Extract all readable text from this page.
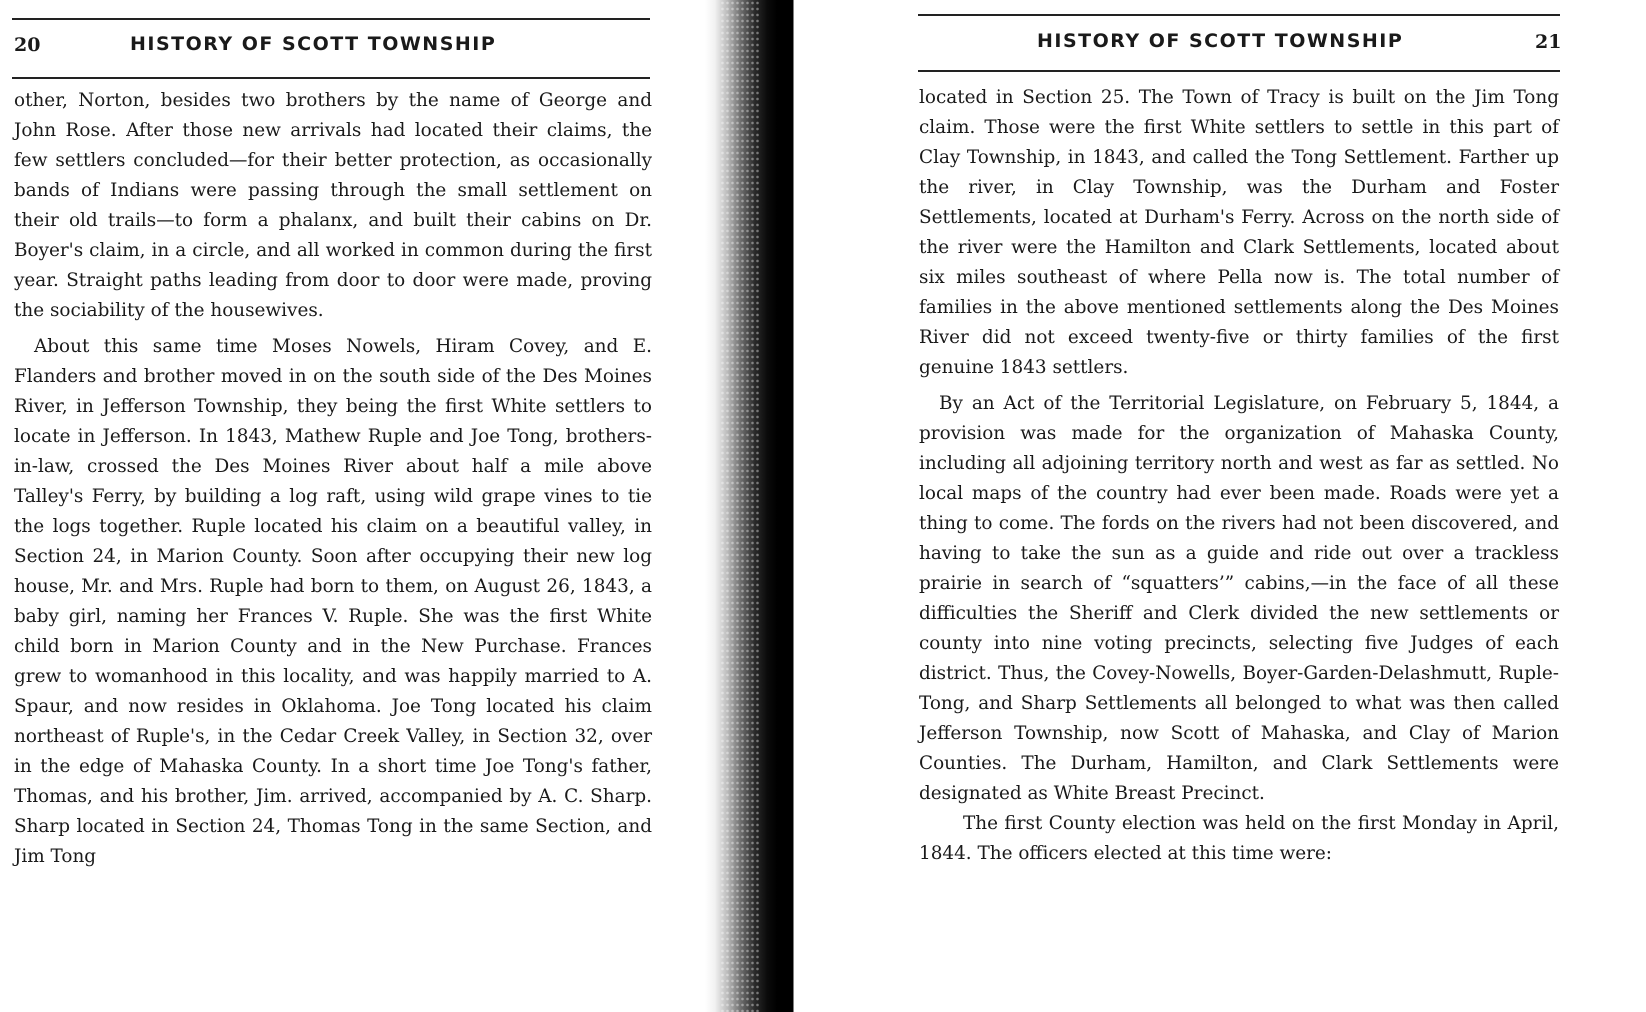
20	HISTORY OF SCOTT TOWNSHIP

other, Norton, besides two brothers by the name of George and John Rose. After those new arrivals had located their claims, the few settlers concluded—for their better protection, as occasionally bands of Indians were passing through the small settlement on their old trails—to form a phalanx, and built their cabins on Dr. Boyer's claim, in a circle, and all worked in common during the first year. Straight paths leading from door to door were made, proving the sociability of the housewives.

About this same time Moses Nowels, Hiram Covey, and E. Flanders and brother moved in on the south side of the Des Moines River, in Jefferson Township, they being the first White settlers to locate in Jefferson. In 1843, Mathew Ruple and Joe Tong, brothers-in-law, crossed the Des Moines River about half a mile above Talley's Ferry, by building a log raft, using wild grape vines to tie the logs together. Ruple located his claim on a beautiful valley, in Section 24, in Marion County. Soon after occupying their new log house, Mr. and Mrs. Ruple had born to them, on August 26, 1843, a baby girl, naming her Frances V. Ruple. She was the first White child born in Marion County and in the New Purchase. Frances grew to womanhood in this locality, and was happily married to A. Spaur, and now resides in Oklahoma. Joe Tong located his claim northeast of Ruple's, in the Cedar Creek Valley, in Section 32, over in the edge of Mahaska County. In a short time Joe Tong's father, Thomas, and his brother, Jim. arrived, accompanied by A. C. Sharp. Sharp located in Section 24, Thomas Tong in the same Section, and Jim Tong

HISTORY OF SCOTT TOWNSHIP	21

located in Section 25. The Town of Tracy is built on the Jim Tong claim. Those were the first White settlers to settle in this part of Clay Township, in 1843, and called the Tong Settlement. Farther up the river, in Clay Township, was the Durham and Foster Settlements, located at Durham's Ferry. Across on the north side of the river were the Hamilton and Clark Settlements, located about six miles southeast of where Pella now is. The total number of families in the above mentioned settlements along the Des Moines River did not exceed twenty-five or thirty families of the first genuine 1843 settlers.

By an Act of the Territorial Legislature, on February 5, 1844, a provision was made for the organization of Mahaska County, including all adjoining territory north and west as far as settled. No local maps of the country had ever been made. Roads were yet a thing to come. The fords on the rivers had not been discovered, and having to take the sun as a guide and ride out over a trackless prairie in search of “squatters’” cabins,—in the face of all these difficulties the Sheriff and Clerk divided the new settlements or county into nine voting precincts, selecting five Judges of each district. Thus, the Covey-Nowells, Boyer-Garden-Delashmutt, Ruple-Tong, and Sharp Settlements all belonged to what was then called Jefferson Township, now Scott of Mahaska, and Clay of Marion Counties. The Durham, Hamilton, and Clark Settlements were designated as White Breast Precinct.

The first County election was held on the first Monday in April, 1844. The officers elected at this time were:
